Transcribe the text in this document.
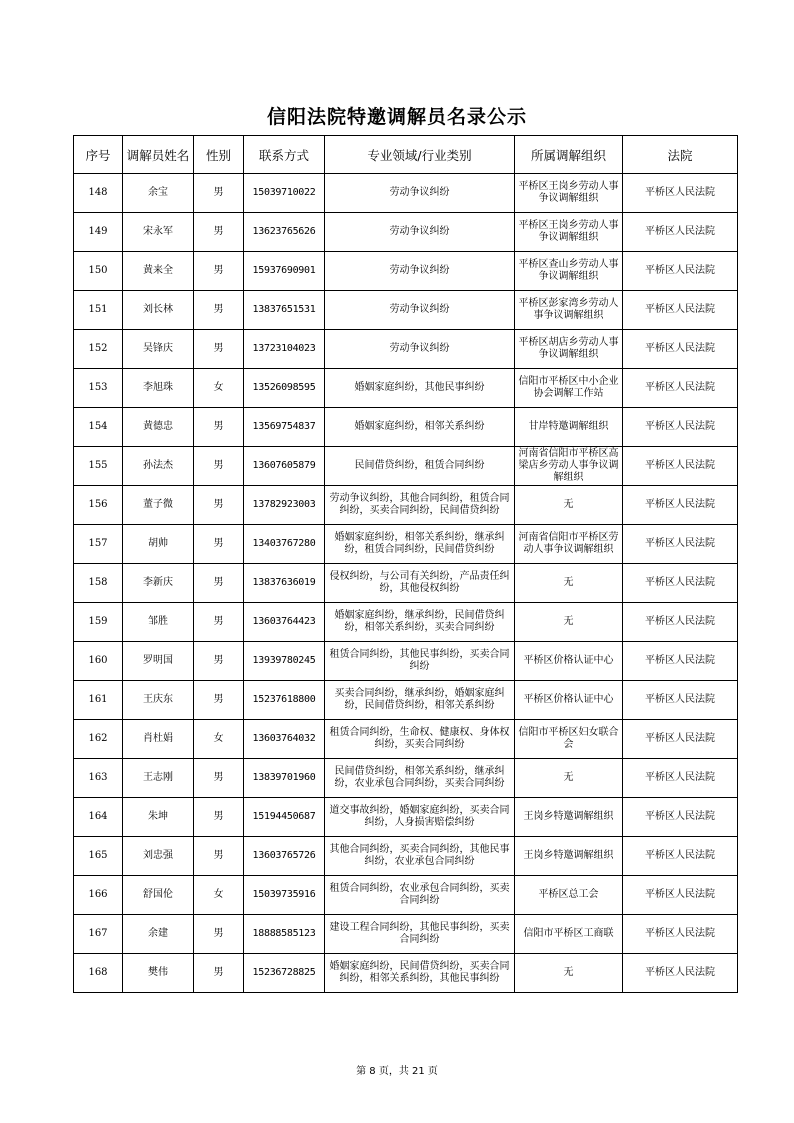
信阳法院特邀调解员名录公示
序号	调解员姓名	性别	联系方式	专业领域/行业类别	所属调解组织	法院
148	余宝	男	15039710022	劳动争议纠纷	平桥区王岗乡劳动人事争议调解组织	平桥区人民法院
149	宋永军	男	13623765626	劳动争议纠纷	平桥区王岗乡劳动人事争议调解组织	平桥区人民法院
150	黄来全	男	15937690901	劳动争议纠纷	平桥区查山乡劳动人事争议调解组织	平桥区人民法院
151	刘长林	男	13837651531	劳动争议纠纷	平桥区彭家湾乡劳动人事争议调解组织	平桥区人民法院
152	吴锋庆	男	13723104023	劳动争议纠纷	平桥区胡店乡劳动人事争议调解组织	平桥区人民法院
153	李旭珠	女	13526098595	婚姻家庭纠纷，其他民事纠纷	信阳市平桥区中小企业协会调解工作站	平桥区人民法院
154	黄德忠	男	13569754837	婚姻家庭纠纷，相邻关系纠纷	甘岸特邀调解组织	平桥区人民法院
155	孙法杰	男	13607605879	民间借贷纠纷，租赁合同纠纷	河南省信阳市平桥区高梁店乡劳动人事争议调解组织	平桥区人民法院
156	董子微	男	13782923003	劳动争议纠纷，其他合同纠纷，租赁合同纠纷，买卖合同纠纷，民间借贷纠纷	无	平桥区人民法院
157	胡帅	男	13403767280	婚姻家庭纠纷，相邻关系纠纷，继承纠纷，租赁合同纠纷，民间借贷纠纷	河南省信阳市平桥区劳动人事争议调解组织	平桥区人民法院
158	李新庆	男	13837636019	侵权纠纷，与公司有关纠纷，产品责任纠纷，其他侵权纠纷	无	平桥区人民法院
159	邹胜	男	13603764423	婚姻家庭纠纷，继承纠纷，民间借贷纠纷，相邻关系纠纷，买卖合同纠纷	无	平桥区人民法院
160	罗明国	男	13939780245	租赁合同纠纷，其他民事纠纷，买卖合同纠纷	平桥区价格认证中心	平桥区人民法院
161	王庆东	男	15237618800	买卖合同纠纷，继承纠纷，婚姻家庭纠纷，民间借贷纠纷，相邻关系纠纷	平桥区价格认证中心	平桥区人民法院
162	肖杜娟	女	13603764032	租赁合同纠纷，生命权、健康权、身体权纠纷，买卖合同纠纷	信阳市平桥区妇女联合会	平桥区人民法院
163	王志刚	男	13839701960	民间借贷纠纷，相邻关系纠纷，继承纠纷，农业承包合同纠纷，买卖合同纠纷	无	平桥区人民法院
164	朱坤	男	15194450687	道交事故纠纷，婚姻家庭纠纷，买卖合同纠纷，人身损害赔偿纠纷	王岗乡特邀调解组织	平桥区人民法院
165	刘忠强	男	13603765726	其他合同纠纷，买卖合同纠纷，其他民事纠纷，农业承包合同纠纷	王岗乡特邀调解组织	平桥区人民法院
166	舒国伦	女	15039735916	租赁合同纠纷，农业承包合同纠纷，买卖合同纠纷	平桥区总工会	平桥区人民法院
167	余建	男	18888585123	建设工程合同纠纷，其他民事纠纷，买卖合同纠纷	信阳市平桥区工商联	平桥区人民法院
168	樊伟	男	15236728825	婚姻家庭纠纷，民间借贷纠纷，买卖合同纠纷，相邻关系纠纷，其他民事纠纷	无	平桥区人民法院
第 8 页，共 21 页
